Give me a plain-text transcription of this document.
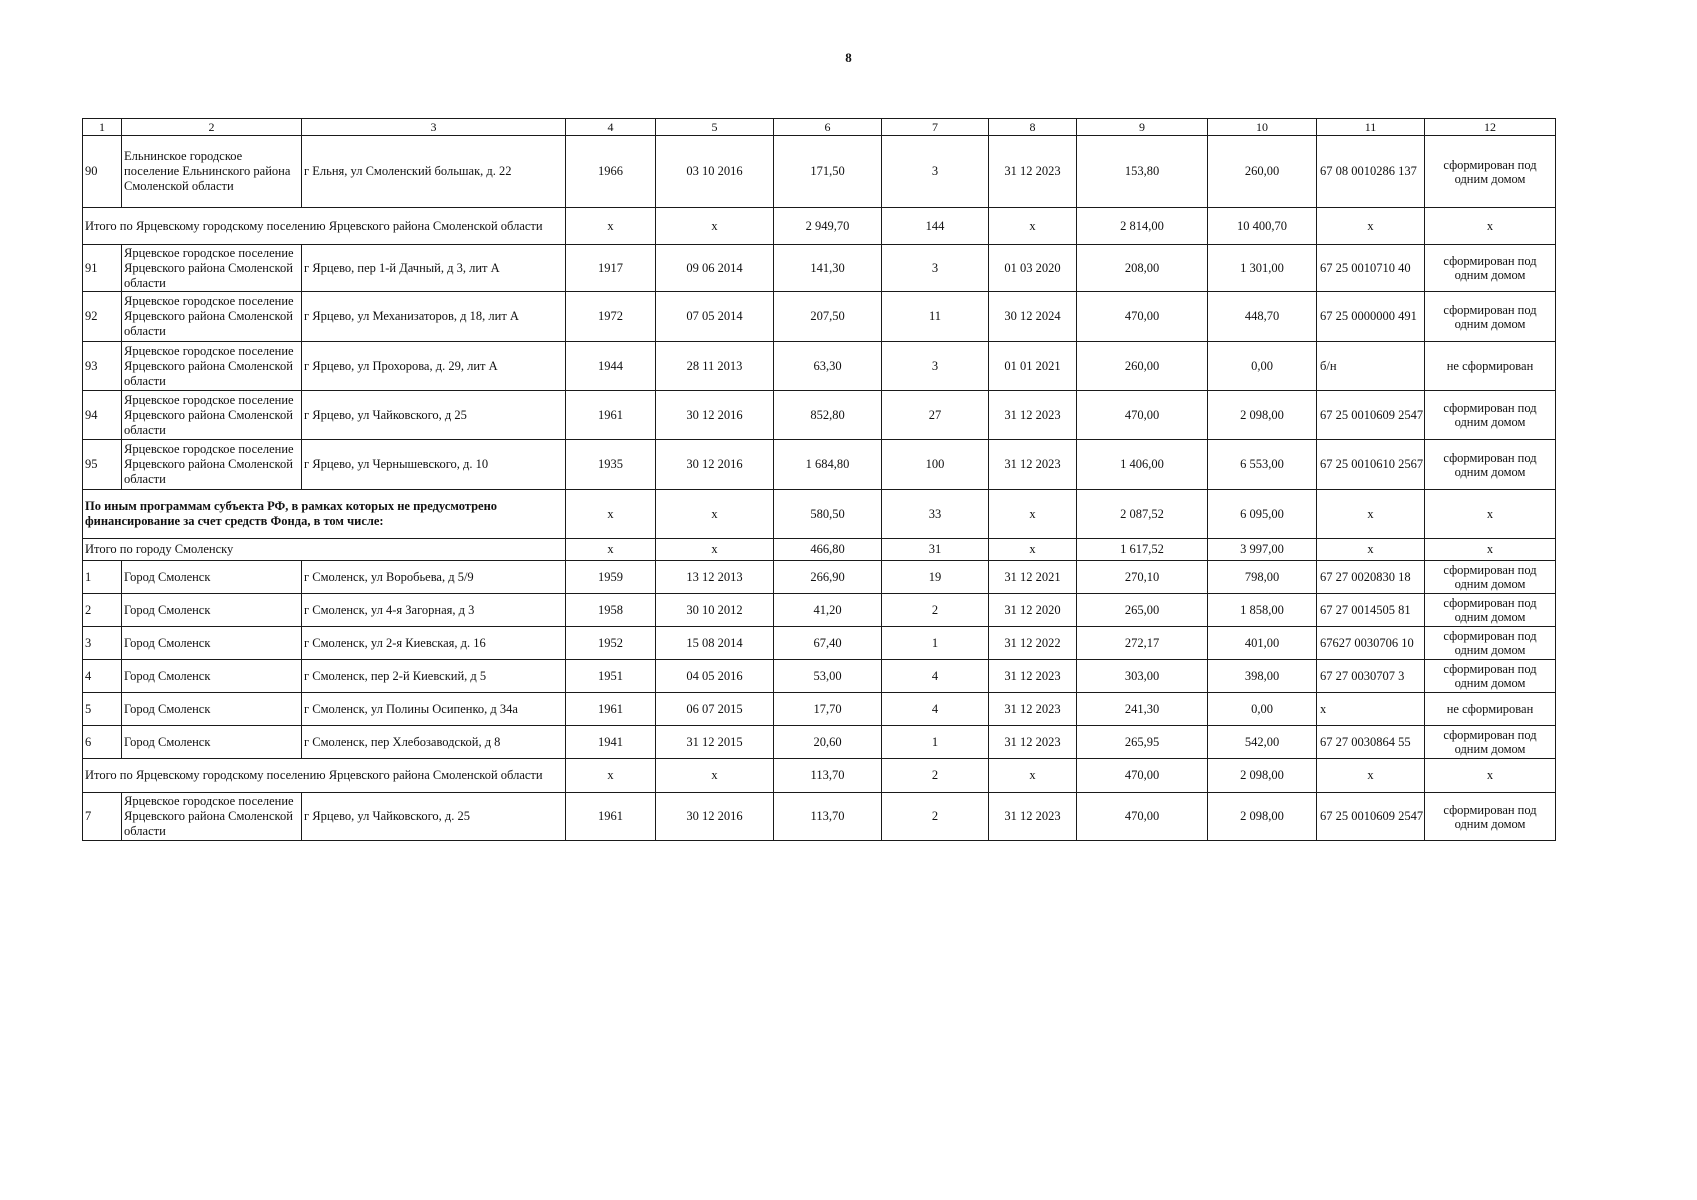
8
1	2	3	4	5	6	7	8	9	10	11	12
90	Ельнинское городское поселение Ельнинского района Смоленской области	г Ельня, ул Смоленский большак, д. 22	1966	03 10 2016	171,50	3	31 12 2023	153,80	260,00	67 08 0010286 137	сформирован под одним домом
Итого по Ярцевскому городскому поселению Ярцевского района Смоленской области			х	х	2 949,70	144	х	2 814,00	10 400,70	х	х
91	Ярцевское городское поселение Ярцевского района Смоленской области	г Ярцево, пер 1-й Дачный, д 3, лит А	1917	09 06 2014	141,30	3	01 03 2020	208,00	1 301,00	67 25 0010710 40	сформирован под одним домом
92	Ярцевское городское поселение Ярцевского района Смоленской области	г Ярцево, ул Механизаторов, д 18, лит А	1972	07 05 2014	207,50	11	30 12 2024	470,00	448,70	67 25 0000000 491	сформирован под одним домом
93	Ярцевское городское поселение Ярцевского района Смоленской области	г Ярцево, ул Прохорова, д. 29, лит А	1944	28 11 2013	63,30	3	01 01 2021	260,00	0,00	б/н	не сформирован
94	Ярцевское городское поселение Ярцевского района Смоленской области	г Ярцево, ул Чайковского, д 25	1961	30 12 2016	852,80	27	31 12 2023	470,00	2 098,00	67 25 0010609 2547	сформирован под одним домом
95	Ярцевское городское поселение Ярцевского района Смоленской области	г Ярцево, ул Чернышевского, д. 10	1935	30 12 2016	1 684,80	100	31 12 2023	1 406,00	6 553,00	67 25 0010610 2567	сформирован под одним домом
По иным программам субъекта РФ, в рамках которых не предусмотрено финансирование за счет средств Фонда, в том числе:			х	х	580,50	33	х	2 087,52	6 095,00	х	х
Итого по городу Смоленску			х	х	466,80	31	х	1 617,52	3 997,00	х	х
1	Город Смоленск	г Смоленск, ул Воробьева, д 5/9	1959	13 12 2013	266,90	19	31 12 2021	270,10	798,00	67 27 0020830 18	сформирован под одним домом
2	Город Смоленск	г Смоленск, ул 4-я Загорная, д 3	1958	30 10 2012	41,20	2	31 12 2020	265,00	1 858,00	67 27 0014505 81	сформирован под одним домом
3	Город Смоленск	г Смоленск, ул 2-я Киевская, д. 16	1952	15 08 2014	67,40	1	31 12 2022	272,17	401,00	67627 0030706 10	сформирован под одним домом
4	Город Смоленск	г Смоленск, пер 2-й Киевский, д 5	1951	04 05 2016	53,00	4	31 12 2023	303,00	398,00	67 27 0030707 3	сформирован под одним домом
5	Город Смоленск	г Смоленск, ул Полины Осипенко, д 34а	1961	06 07 2015	17,70	4	31 12 2023	241,30	0,00	х	не сформирован
6	Город Смоленск	г Смоленск, пер Хлебозаводской, д 8	1941	31 12 2015	20,60	1	31 12 2023	265,95	542,00	67 27 0030864 55	сформирован под одним домом
Итого по Ярцевскому городскому поселению Ярцевского района Смоленской области			х	х	113,70	2	х	470,00	2 098,00	х	х
7	Ярцевское городское поселение Ярцевского района Смоленской области	г Ярцево, ул Чайковского, д. 25	1961	30 12 2016	113,70	2	31 12 2023	470,00	2 098,00	67 25 0010609 2547	сформирован под одним домом
